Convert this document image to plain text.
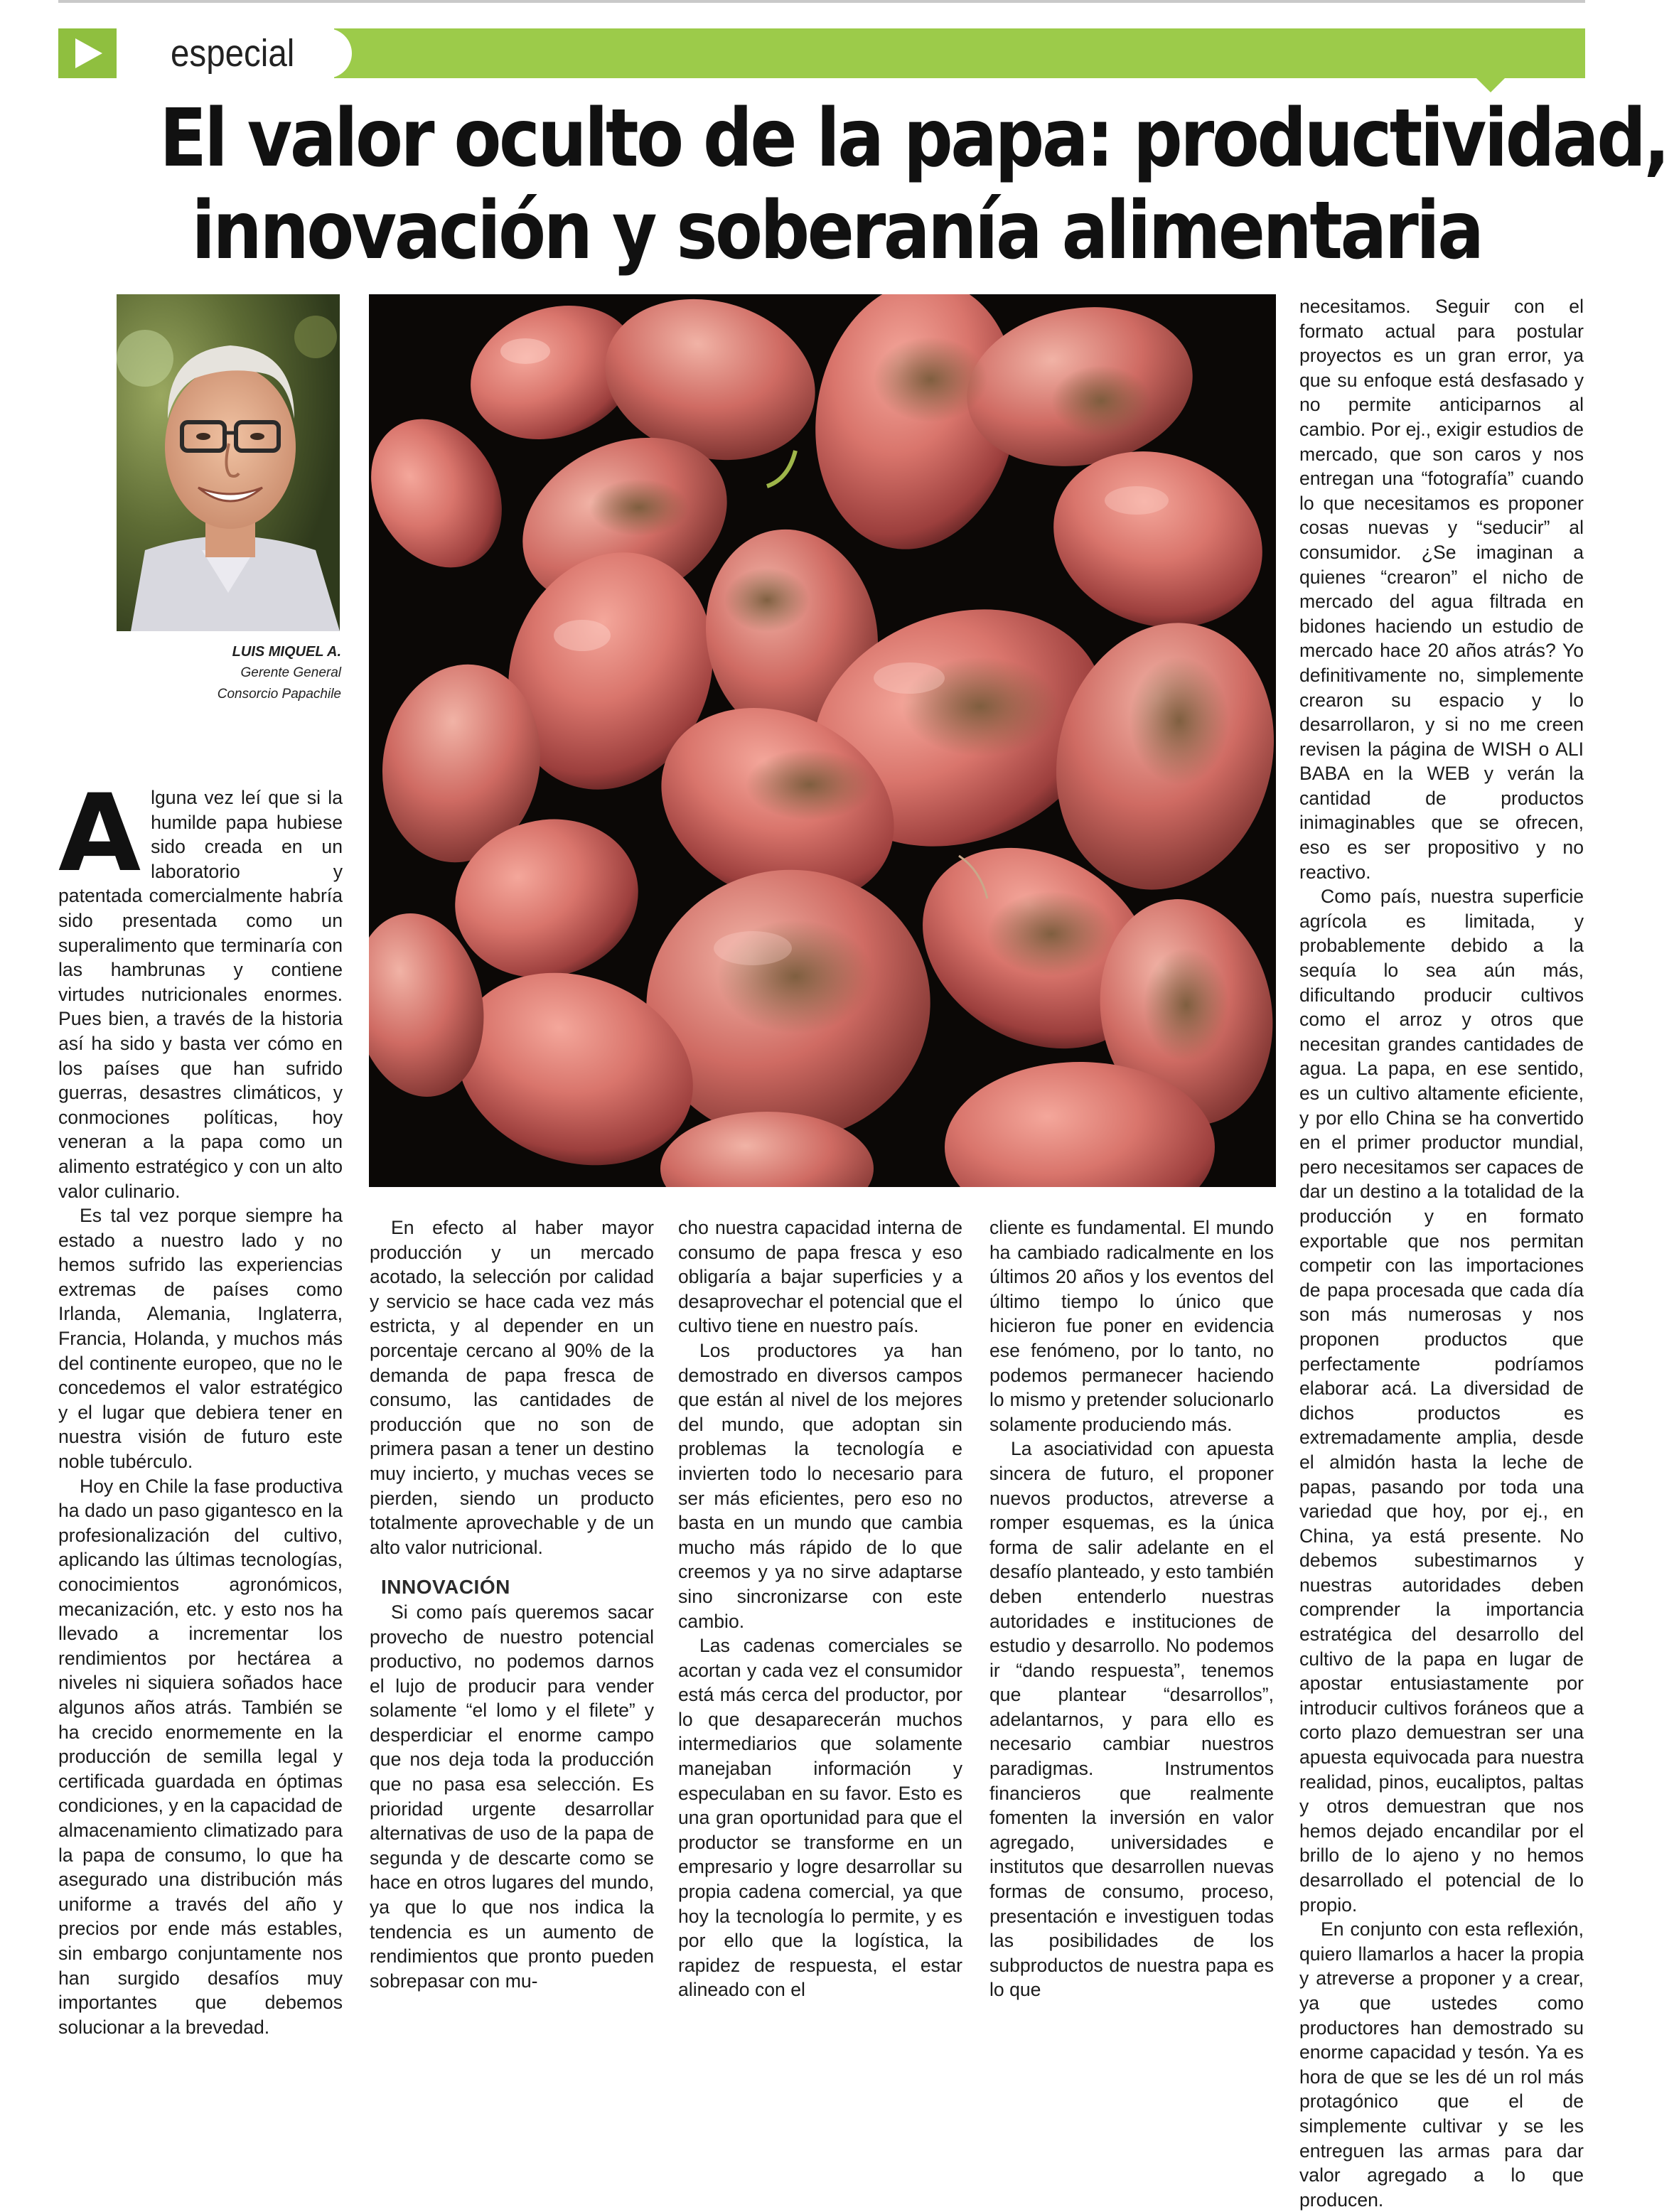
especial
El valor oculto de la papa: productividad,
innovación y soberanía alimentaria
LUIS MIQUEL A.
Gerente General
Consorcio Papachile

Alguna vez leí que si la humilde papa hubiese sido creada en un laboratorio y patentada comercialmente habría sido presentada como un superalimento que terminaría con las hambrunas y contiene virtudes nutricionales enormes. Pues bien, a través de la historia así ha sido y basta ver cómo en los países que han sufrido guerras, desastres climáticos, y conmociones políticas, hoy veneran a la papa como un alimento estratégico y con un alto valor culinario.

Es tal vez porque siempre ha estado a nuestro lado y no hemos sufrido las experiencias extremas de países como Irlanda, Alemania, Inglaterra, Francia, Holanda, y muchos más del continente europeo, que no le concedemos el valor estratégico y el lugar que debiera tener en nuestra visión de futuro este noble tubérculo.

Hoy en Chile la fase productiva ha dado un paso gigantesco en la profesionalización del cultivo, aplicando las últimas tecnologías, conocimientos agronómicos, mecanización, etc. y esto nos ha llevado a incrementar los rendimientos por hectárea a niveles ni siquiera soñados hace algunos años atrás. También se ha crecido enormemente en la producción de semilla legal y certificada guardada en óptimas condiciones, y en la capacidad de almacenamiento climatizado para la papa de consumo, lo que ha asegurado una distribución más uniforme a través del año y precios por ende más estables, sin embargo conjuntamente nos han surgido desafíos muy importantes que debemos solucionar a la brevedad.

En efecto al haber mayor producción y un mercado acotado, la selección por calidad y servicio se hace cada vez más estricta, y al depender en un porcentaje cercano al 90% de la demanda de papa fresca de consumo, las cantidades de producción que no son de primera pasan a tener un destino muy incierto, y muchas veces se pierden, siendo un producto totalmente aprovechable y de un alto valor nutricional.

INNOVACIÓN

Si como país queremos sacar provecho de nuestro potencial productivo, no podemos darnos el lujo de producir para vender solamente “el lomo y el filete” y desperdiciar el enorme campo que nos deja toda la producción que no pasa esa selección. Es prioridad urgente desarrollar alternativas de uso de la papa de segunda y de descarte como se hace en otros lugares del mundo, ya que lo que nos indica la tendencia es un aumento de rendimientos que pronto pueden sobrepasar con mu-

cho nuestra capacidad interna de consumo de papa fresca y eso obligaría a bajar superficies y a desaprovechar el potencial que el cultivo tiene en nuestro país.

Los productores ya han demostrado en diversos campos que están al nivel de los mejores del mundo, que adoptan sin problemas la tecnología e invierten todo lo necesario para ser más eficientes, pero eso no basta en un mundo que cambia mucho más rápido de lo que creemos y ya no sirve adaptarse sino sincronizarse con este cambio.

Las cadenas comerciales se acortan y cada vez el consumidor está más cerca del productor, por lo que desaparecerán muchos intermediarios que solamente manejaban información y especulaban en su favor. Esto es una gran oportunidad para que el productor se transforme en un empresario y logre desarrollar su propia cadena comercial, ya que hoy la tecnología lo permite, y es por ello que la logística, la rapidez de respuesta, el estar alineado con el

cliente es fundamental. El mundo ha cambiado radicalmente en los últimos 20 años y los eventos del último tiempo lo único que hicieron fue poner en evidencia ese fenómeno, por lo tanto, no podemos permanecer haciendo lo mismo y pretender solucionarlo solamente produciendo más.

La asociatividad con apuesta sincera de futuro, el proponer nuevos productos, atreverse a romper esquemas, es la única forma de salir adelante en el desafío planteado, y esto también deben entenderlo nuestras autoridades e instituciones de estudio y desarrollo. No podemos ir “dando respuesta”, tenemos que plantear “desarrollos”, adelantarnos, y para ello es necesario cambiar nuestros paradigmas. Instrumentos financieros que realmente fomenten la inversión en valor agregado, universidades e institutos que desarrollen nuevas formas de consumo, proceso, presentación e investiguen todas las posibilidades de los subproductos de nuestra papa es lo que

necesitamos. Seguir con el formato actual para postular proyectos es un gran error, ya que su enfoque está desfasado y no permite anticiparnos al cambio. Por ej., exigir estudios de mercado, que son caros y nos entregan una “fotografía” cuando lo que necesitamos es proponer cosas nuevas y “seducir” al consumidor. ¿Se imaginan a quienes “crearon” el nicho de mercado del agua filtrada en bidones haciendo un estudio de mercado hace 20 años atrás? Yo definitivamente no, simplemente crearon su espacio y lo desarrollaron, y si no me creen revisen la página de WISH o ALI BABA en la WEB y verán la cantidad de productos inimaginables que se ofrecen, eso es ser propositivo y no reactivo.

Como país, nuestra superficie agrícola es limitada, y probablemente debido a la sequía lo sea aún más, dificultando producir cultivos como el arroz y otros que necesitan grandes cantidades de agua. La papa, en ese sentido, es un cultivo altamente eficiente, y por ello China se ha convertido en el primer productor mundial, pero necesitamos ser capaces de dar un destino a la totalidad de la producción y en formato exportable que nos permitan competir con las importaciones de papa procesada que cada día son más numerosas y nos proponen productos que perfectamente podríamos elaborar acá. La diversidad de dichos productos es extremadamente amplia, desde el almidón hasta la leche de papas, pasando por toda una variedad que hoy, por ej., en China, ya está presente. No debemos subestimarnos y nuestras autoridades deben comprender la importancia estratégica del desarrollo del cultivo de la papa en lugar de apostar entusiastamente por introducir cultivos foráneos que a corto plazo demuestran ser una apuesta equivocada para nuestra realidad, pinos, eucaliptos, paltas y otros demuestran que nos hemos dejado encandilar por el brillo de lo ajeno y no hemos desarrollado el potencial de lo propio.

En conjunto con esta reflexión, quiero llamarlos a hacer la propia y atreverse a proponer y a crear, ya que ustedes como productores han demostrado su enorme capacidad y tesón. Ya es hora de que se les dé un rol más protagónico que el de simplemente cultivar y se les entreguen las armas para dar valor agregado a lo que producen.
